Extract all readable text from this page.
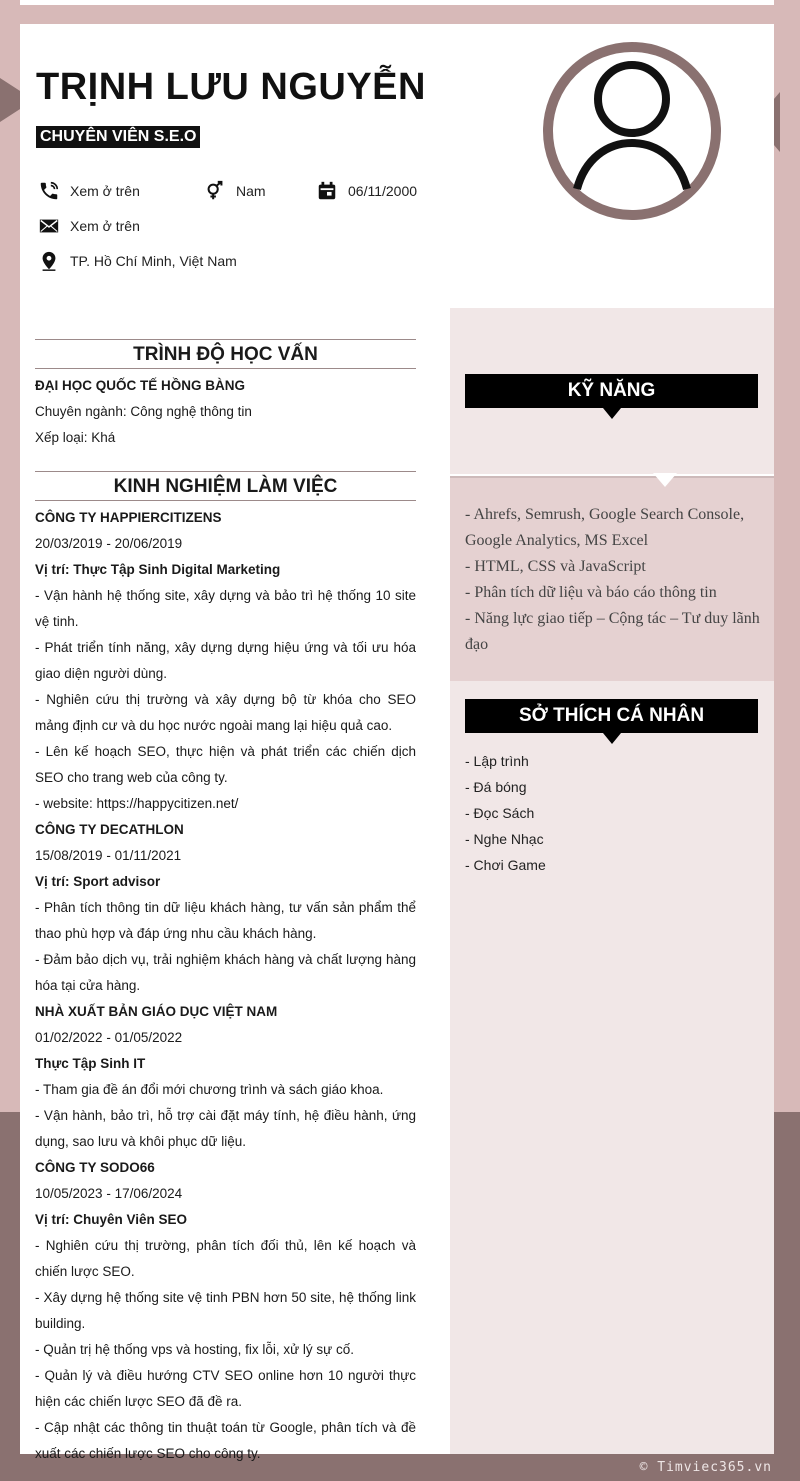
TRỊNH LƯU NGUYỄN
CHUYÊN VIÊN S.E.O
Xem ở trên	Nam	06/11/2000
Xem ở trên
TP. Hồ Chí Minh, Việt Nam
TRÌNH ĐỘ HỌC VẤN
ĐẠI HỌC QUỐC TẾ HỒNG BÀNG
Chuyên ngành: Công nghệ thông tin
Xếp loại: Khá
KINH NGHIỆM LÀM VIỆC
CÔNG TY HAPPIERCITIZENS
20/03/2019 - 20/06/2019
Vị trí: Thực Tập Sinh Digital Marketing
- Vận hành hệ thống site, xây dựng và bảo trì hệ thống 10 site vệ tinh.
- Phát triển tính năng, xây dựng dựng hiệu ứng và tối ưu hóa giao diện người dùng.
- Nghiên cứu thị trường và xây dựng bộ từ khóa cho SEO mảng định cư và du học nước ngoài mang lại hiệu quả cao.
- Lên kế hoạch SEO, thực hiện và phát triển các chiến dịch SEO cho trang web của công ty.
- website: https://happycitizen.net/
CÔNG TY DECATHLON
15/08/2019 - 01/11/2021
Vị trí: Sport advisor
- Phân tích thông tin dữ liệu khách hàng, tư vấn sản phẩm thể thao phù hợp và đáp ứng nhu cầu khách hàng.
- Đảm bảo dịch vụ, trải nghiệm khách hàng và chất lượng hàng hóa tại cửa hàng.
NHÀ XUẤT BẢN GIÁO DỤC VIỆT NAM
01/02/2022 - 01/05/2022
Thực Tập Sinh IT
- Tham gia đề án đổi mới chương trình và sách giáo khoa.
- Vận hành, bảo trì, hỗ trợ cài đặt máy tính, hệ điều hành, ứng dụng, sao lưu và khôi phục dữ liệu.
CÔNG TY SODO66
10/05/2023 - 17/06/2024
Vị trí: Chuyên Viên SEO
- Nghiên cứu thị trường, phân tích đối thủ, lên kế hoạch và chiến lược SEO.
- Xây dựng hệ thống site vệ tinh PBN hơn 50 site, hệ thống link building.
- Quản trị hệ thống vps và hosting, fix lỗi, xử lý sự cố.
- Quản lý và điều hướng CTV SEO online hơn 10 người thực hiện các chiến lược SEO đã đề ra.
- Cập nhật các thông tin thuật toán từ Google, phân tích và đề xuất các chiến lược SEO cho công ty.
KỸ NĂNG
- Ahrefs, Semrush, Google Search Console, Google Analytics, MS Excel
- HTML, CSS và JavaScript
- Phân tích dữ liệu và báo cáo thông tin
- Năng lực giao tiếp – Cộng tác – Tư duy lãnh đạo
SỞ THÍCH CÁ NHÂN
- Lập trình
- Đá bóng
- Đọc Sách
- Nghe Nhạc
- Chơi Game
© Timviec365.vn
